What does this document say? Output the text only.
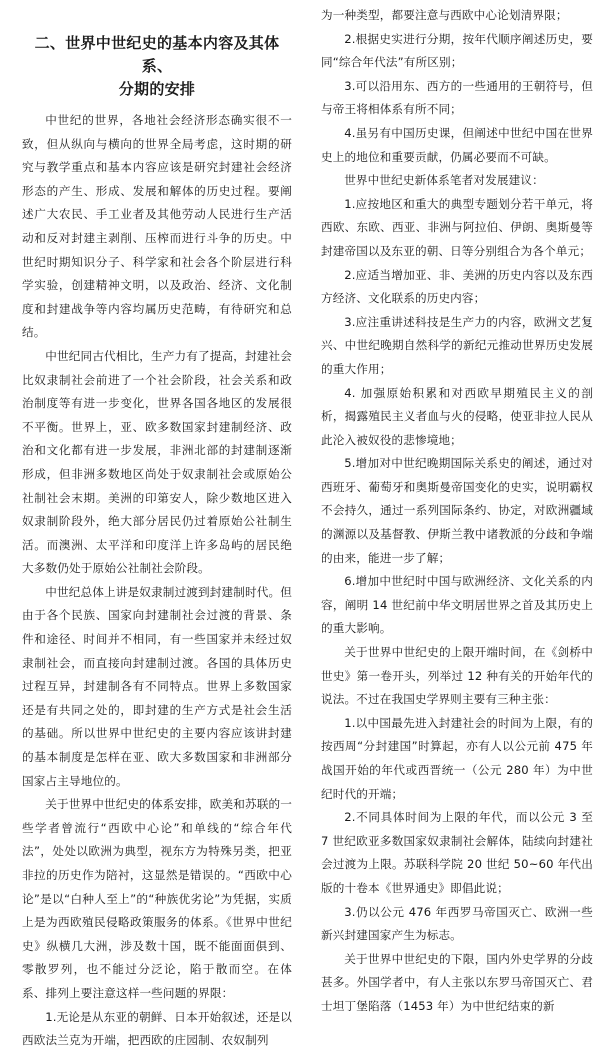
二、世界中世纪史的基本内容及其体系、
分期的安排

中世纪的世界，各地社会经济形态确实很不一致，但从纵向与横向的世界全局考虑，这时期的研究与教学重点和基本内容应该是研究封建社会经济形态的产生、形成、发展和解体的历史过程。要阐述广大农民、手工业者及其他劳动人民进行生产活动和反对封建主剥削、压榨而进行斗争的历史。中世纪时期知识分子、科学家和社会各个阶层进行科学实验，创建精神文明，以及政治、经济、文化制度和封建战争等内容均属历史范畴，有待研究和总结。

中世纪同古代相比，生产力有了提高，封建社会比奴隶制社会前进了一个社会阶段，社会关系和政治制度等有进一步变化，世界各国各地区的发展很不平衡。世界上，亚、欧多数国家封建制经济、政治和文化都有进一步发展，非洲北部的封建制逐渐形成，但非洲多数地区尚处于奴隶制社会或原始公社制社会末期。美洲的印第安人，除少数地区进入奴隶制阶段外，绝大部分居民仍过着原始公社制生活。而澳洲、太平洋和印度洋上许多岛屿的居民绝大多数仍处于原始公社制社会阶段。

中世纪总体上讲是奴隶制过渡到封建制时代。但由于各个民族、国家向封建制社会过渡的背景、条件和途径、时间并不相同，有一些国家并未经过奴隶制社会，而直接向封建制过渡。各国的具体历史过程互异，封建制各有不同特点。世界上多数国家还是有共同之处的，即封建的生产方式是社会生活的基础。所以世界中世纪史的主要内容应该讲封建的基本制度是怎样在亚、欧大多数国家和非洲部分国家占主导地位的。

关于世界中世纪史的体系安排，欧美和苏联的一些学者曾流行“西欧中心论”和单线的“综合年代法”，处处以欧洲为典型，视东方为特殊另类，把亚非拉的历史作为陪衬，这显然是错误的。“西欧中心论”是以“白种人至上”的“种族优劣论”为凭据，实质上是为西欧殖民侵略政策服务的体系。《世界中世纪史》纵横几大洲，涉及数十国，既不能面面俱到、零散罗列，也不能过分泛论，陷于散而空。在体系、排列上要注意这样一些问题的界限：

1.无论是从东亚的朝鲜、日本开始叙述，还是以西欧法兰克为开端，把西欧的庄园制、农奴制列

为一种类型，都要注意与西欧中心论划清界限；

2.根据史实进行分期，按年代顺序阐述历史，要同“综合年代法”有所区别；

3.可以沿用东、西方的一些通用的王朝符号，但与帝王将相体系有所不同；

4.虽另有中国历史课，但阐述中世纪中国在世界史上的地位和重要贡献，仍属必要而不可缺。

世界中世纪史新体系笔者对发展建议：

1.应按地区和重大的典型专题划分若干单元，将西欧、东欧、西亚、非洲与阿拉伯、伊朗、奥斯曼等封建帝国以及东亚的朝、日等分别组合为各个单元；

2.应适当增加亚、非、美洲的历史内容以及东西方经济、文化联系的历史内容；

3.应注重讲述科技是生产力的内容，欧洲文艺复兴、中世纪晚期自然科学的新纪元推动世界历史发展的重大作用；

4. 加强原始积累和对西欧早期殖民主义的剖析，揭露殖民主义者血与火的侵略，使亚非拉人民从此沦入被奴役的悲惨境地；

5.增加对中世纪晚期国际关系史的阐述，通过对西班牙、葡萄牙和奥斯曼帝国变化的史实，说明霸权不会持久，通过一系列国际条约、协定，对欧洲疆域的渊源以及基督教、伊斯兰教中诸教派的分歧和争端的由来，能进一步了解；

6.增加中世纪时中国与欧洲经济、文化关系的内容，阐明 14 世纪前中华文明居世界之首及其历史上的重大影响。

关于世界中世纪史的上限开端时间，在《剑桥中世史》第一卷开头，列举过 12 种有关的开始年代的说法。不过在我国史学界则主要有三种主张：

1.以中国最先进入封建社会的时间为上限，有的按西周“分封建国”时算起，亦有人以公元前 475 年战国开始的年代或西晋统一（公元 280 年）为中世纪时代的开端；

2.不同具体时间为上限的年代，而以公元 3 至 7 世纪欧亚多数国家奴隶制社会解体，陆续向封建社会过渡为上限。苏联科学院 20 世纪 50~60 年代出版的十卷本《世界通史》即倡此说；

3.仍以公元 476 年西罗马帝国灭亡、欧洲一些新兴封建国家产生为标志。

关于世界中世纪史的下限，国内外史学界的分歧甚多。外国学者中，有人主张以东罗马帝国灭亡、君士坦丁堡陷落（1453 年）为中世纪结束的新
